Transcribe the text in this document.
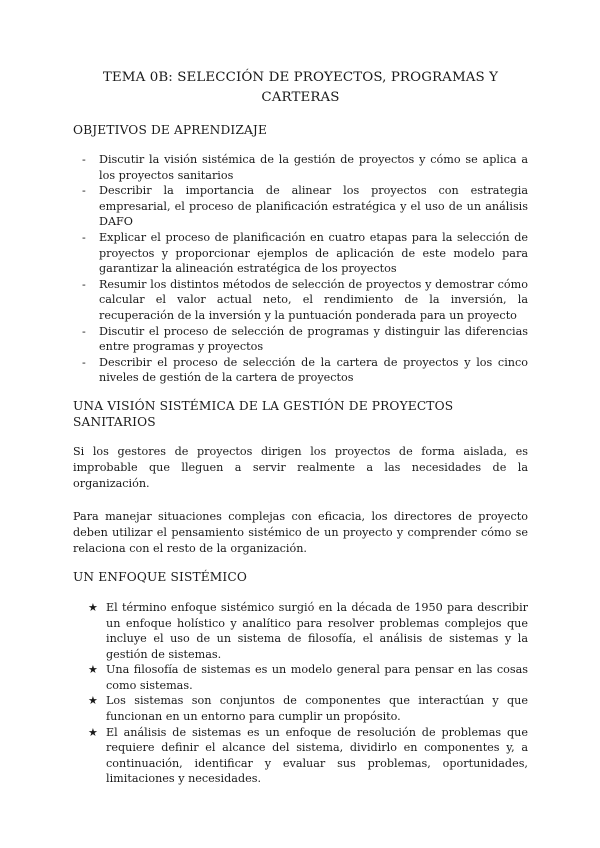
TEMA 0B: SELECCIÓN DE PROYECTOS, PROGRAMAS Y CARTERAS
OBJETIVOS DE APRENDIZAJE
- Discutir la visión sistémica de la gestión de proyectos y cómo se aplica a los proyectos sanitarios
- Describir la importancia de alinear los proyectos con estrategia empresarial, el proceso de planificación estratégica y el uso de un análisis DAFO
- Explicar el proceso de planificación en cuatro etapas para la selección de proyectos y proporcionar ejemplos de aplicación de este modelo para garantizar la alineación estratégica de los proyectos
- Resumir los distintos métodos de selección de proyectos y demostrar cómo calcular el valor actual neto, el rendimiento de la inversión, la recuperación de la inversión y la puntuación ponderada para un proyecto
- Discutir el proceso de selección de programas y distinguir las diferencias entre programas y proyectos
- Describir el proceso de selección de la cartera de proyectos y los cinco niveles de gestión de la cartera de proyectos
UNA VISIÓN SISTÉMICA DE LA GESTIÓN DE PROYECTOS SANITARIOS

Si los gestores de proyectos dirigen los proyectos de forma aislada, es improbable que lleguen a servir realmente a las necesidades de la organización.

Para manejar situaciones complejas con eficacia, los directores de proyecto deben utilizar el pensamiento sistémico de un proyecto y comprender cómo se relaciona con el resto de la organización.

UN ENFOQUE SISTÉMICO
★ El término enfoque sistémico surgió en la década de 1950 para describir un enfoque holístico y analítico para resolver problemas complejos que incluye el uso de un sistema de filosofía, el análisis de sistemas y la gestión de sistemas.
★ Una filosofía de sistemas es un modelo general para pensar en las cosas como sistemas.
★ Los sistemas son conjuntos de componentes que interactúan y que funcionan en un entorno para cumplir un propósito.
★ El análisis de sistemas es un enfoque de resolución de problemas que requiere definir el alcance del sistema, dividirlo en componentes y, a continuación, identificar y evaluar sus problemas, oportunidades, limitaciones y necesidades.
